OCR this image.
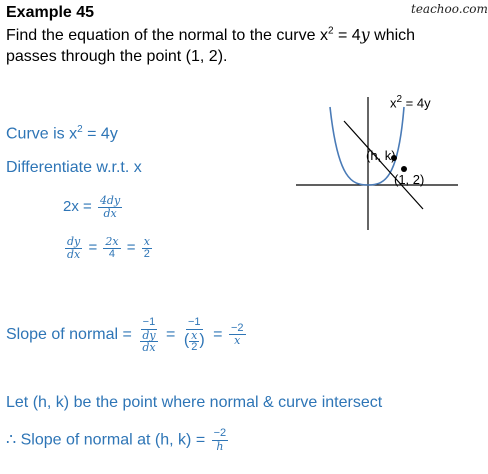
teachoo.com
Example 45
Find the equation of the normal to the curve $x^2 = 4y$ which
passes through the point (1, 2).
$x^2 = 4y$
(h, k)
(1, 2)
Curve is $x^2 = 4y$
Differentiate w.r.t. x
$2x = \frac{4dy}{dx}$
$\frac{dy}{dx} = \frac{2x}{4} = \frac{x}{2}$
Slope of normal = $\frac{-1}{\frac{dy}{dx}} = \frac{-1}{( \frac{x}{2} )} = \frac{-2}{x}$
Let (h, k) be the point where normal & curve intersect
∴ Slope of normal at (h, $k) = \frac{-2}{h}$
